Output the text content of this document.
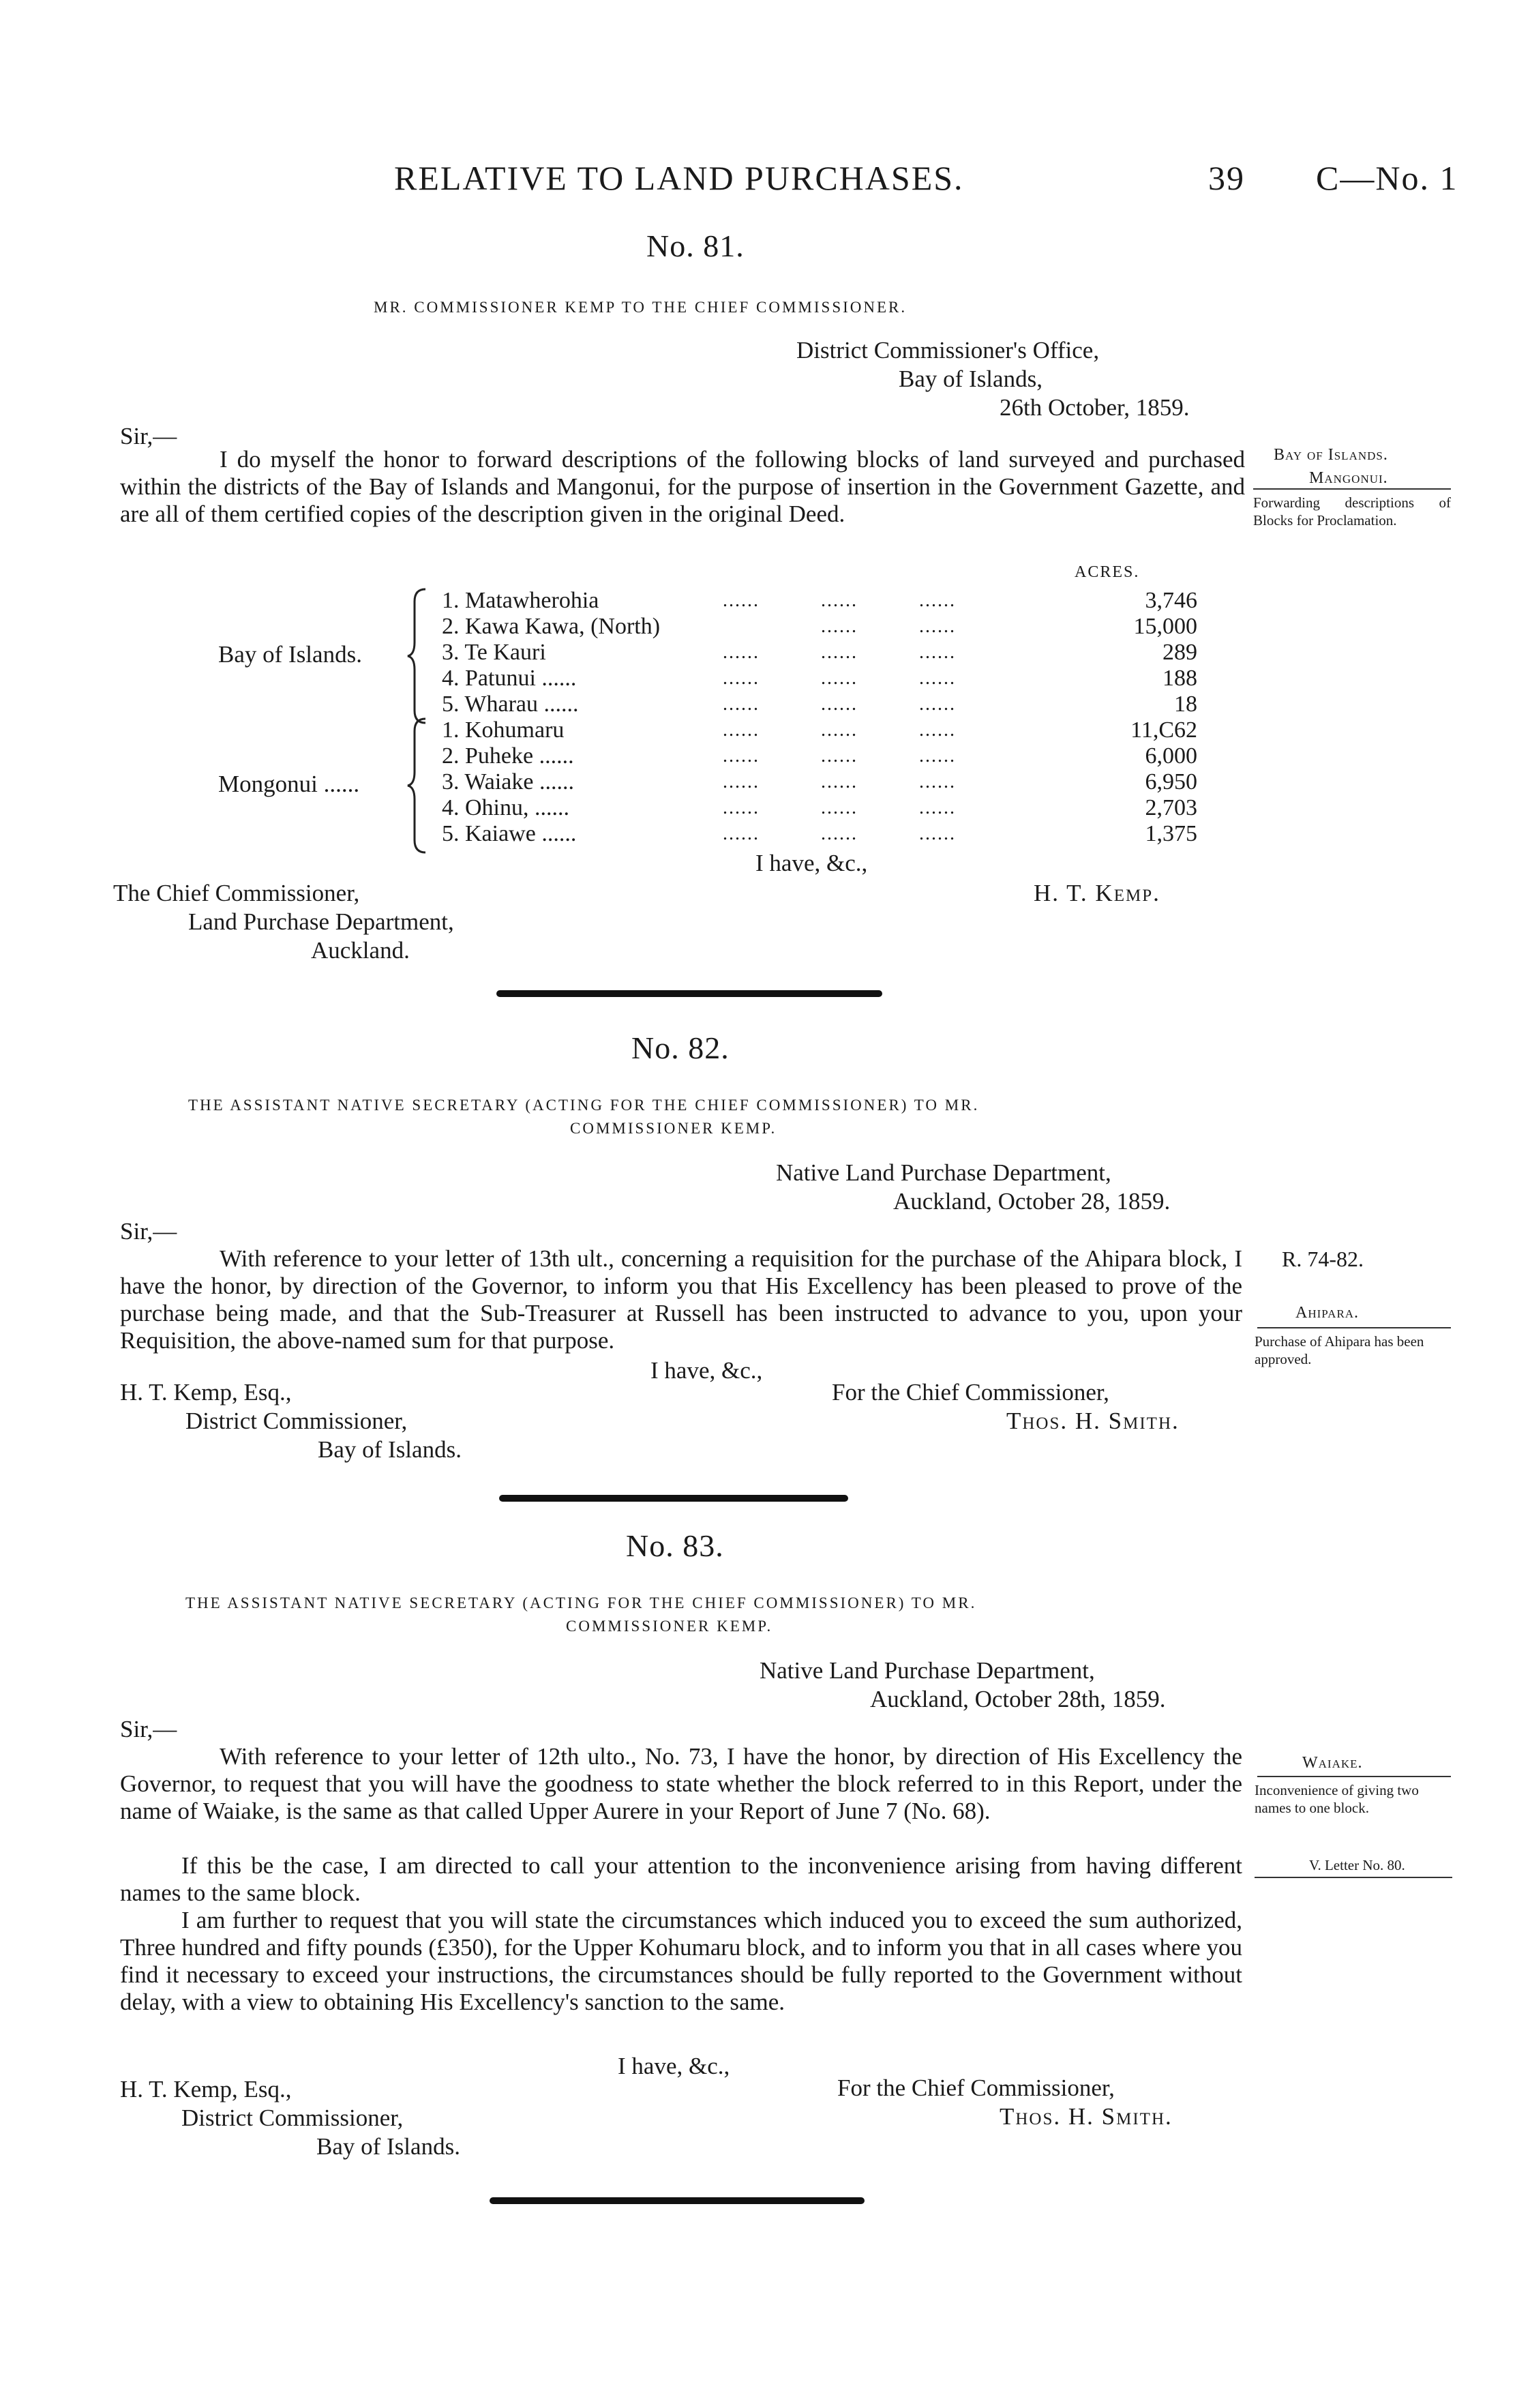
RELATIVE TO LAND PURCHASES.	39 C—No. 1
No. 81.
MR. COMMISSIONER KEMP TO THE CHIEF COMMISSIONER.
District Commissioner's Office,
Bay of Islands,
26th October, 1859.
Sir,—
I do myself the honor to forward descriptions of the following blocks of land surveyed and purchased within the districts of the Bay of Islands and Mangonui, for the purpose of insertion in the Government Gazette, and are all of them certified copies of the description given in the original Deed.
Bay of Islands.
Mangonui.
Forwarding descriptions of Blocks for Proclamation.
ACRES.
Bay of Islands.
1. Matawherohia
2. Kawa Kawa, (North)
3. Te Kauri
4. Patunui ......
5. Wharau ......
......          ......          ......
......          ......
......          ......          ......
......          ......          ......
......          ......          ......
3,746
15,000
289
188
18
Mongonui ......
1. Kohumaru
2. Puheke ......
3. Waiake ......
4. Ohinu, ......
5. Kaiawe ......
......          ......          ......
......          ......          ......
......          ......          ......
......          ......          ......
......          ......          ......
11,C62
6,000
6,950
2,703
1,375
I have, &c.,
H. T. Kemp.
The Chief Commissioner,
Land Purchase Department,
Auckland.
No. 82.
THE ASSISTANT NATIVE SECRETARY (ACTING FOR THE CHIEF COMMISSIONER) TO MR.
COMMISSIONER KEMP.
Native Land Purchase Department,
Auckland, October 28, 1859.
Sir,—
With reference to your letter of 13th ult., concerning a requisition for the purchase of the Ahipara block, I have the honor, by direction of the Governor, to inform you that His Excellency has been pleased to prove of the purchase being made, and that the Sub-Treasurer at Russell has been instructed to advance to you, upon your Requisition, the above-named sum for that purpose.
I have, &c.,
For the Chief Commissioner,
Thos. H. Smith.
H. T. Kemp, Esq.,
District Commissioner,
Bay of Islands.
R. 74-82.
Ahipara.
Purchase of Ahipara has been approved.
No. 83.
THE ASSISTANT NATIVE SECRETARY (ACTING FOR THE CHIEF COMMISSIONER) TO MR.
COMMISSIONER KEMP.
Native Land Purchase Department,
Auckland, October 28th, 1859.
Sir,—
With reference to your letter of 12th ulto., No. 73, I have the honor, by direction of His Excellency the Governor, to request that you will have the goodness to state whether the block referred to in this Report, under the name of Waiake, is the same as that called Upper Aurere in your Report of June 7 (No. 68).
If this be the case, I am directed to call your attention to the inconvenience arising from having different names to the same block.
I am further to request that you will state the circumstances which induced you to exceed the sum authorized, Three hundred and fifty pounds (£350), for the Upper Kohumaru block, and to inform you that in all cases where you find it necessary to exceed your instructions, the circumstances should be fully reported to the Government without delay, with a view to obtaining His Excellency's sanction to the same.
I have, &c.,
For the Chief Commissioner,
Thos. H. Smith.
H. T. Kemp, Esq.,
District Commissioner,
Bay of Islands.
Waiake.
Inconvenience of giving two names to one block.
V. Letter No. 80.
